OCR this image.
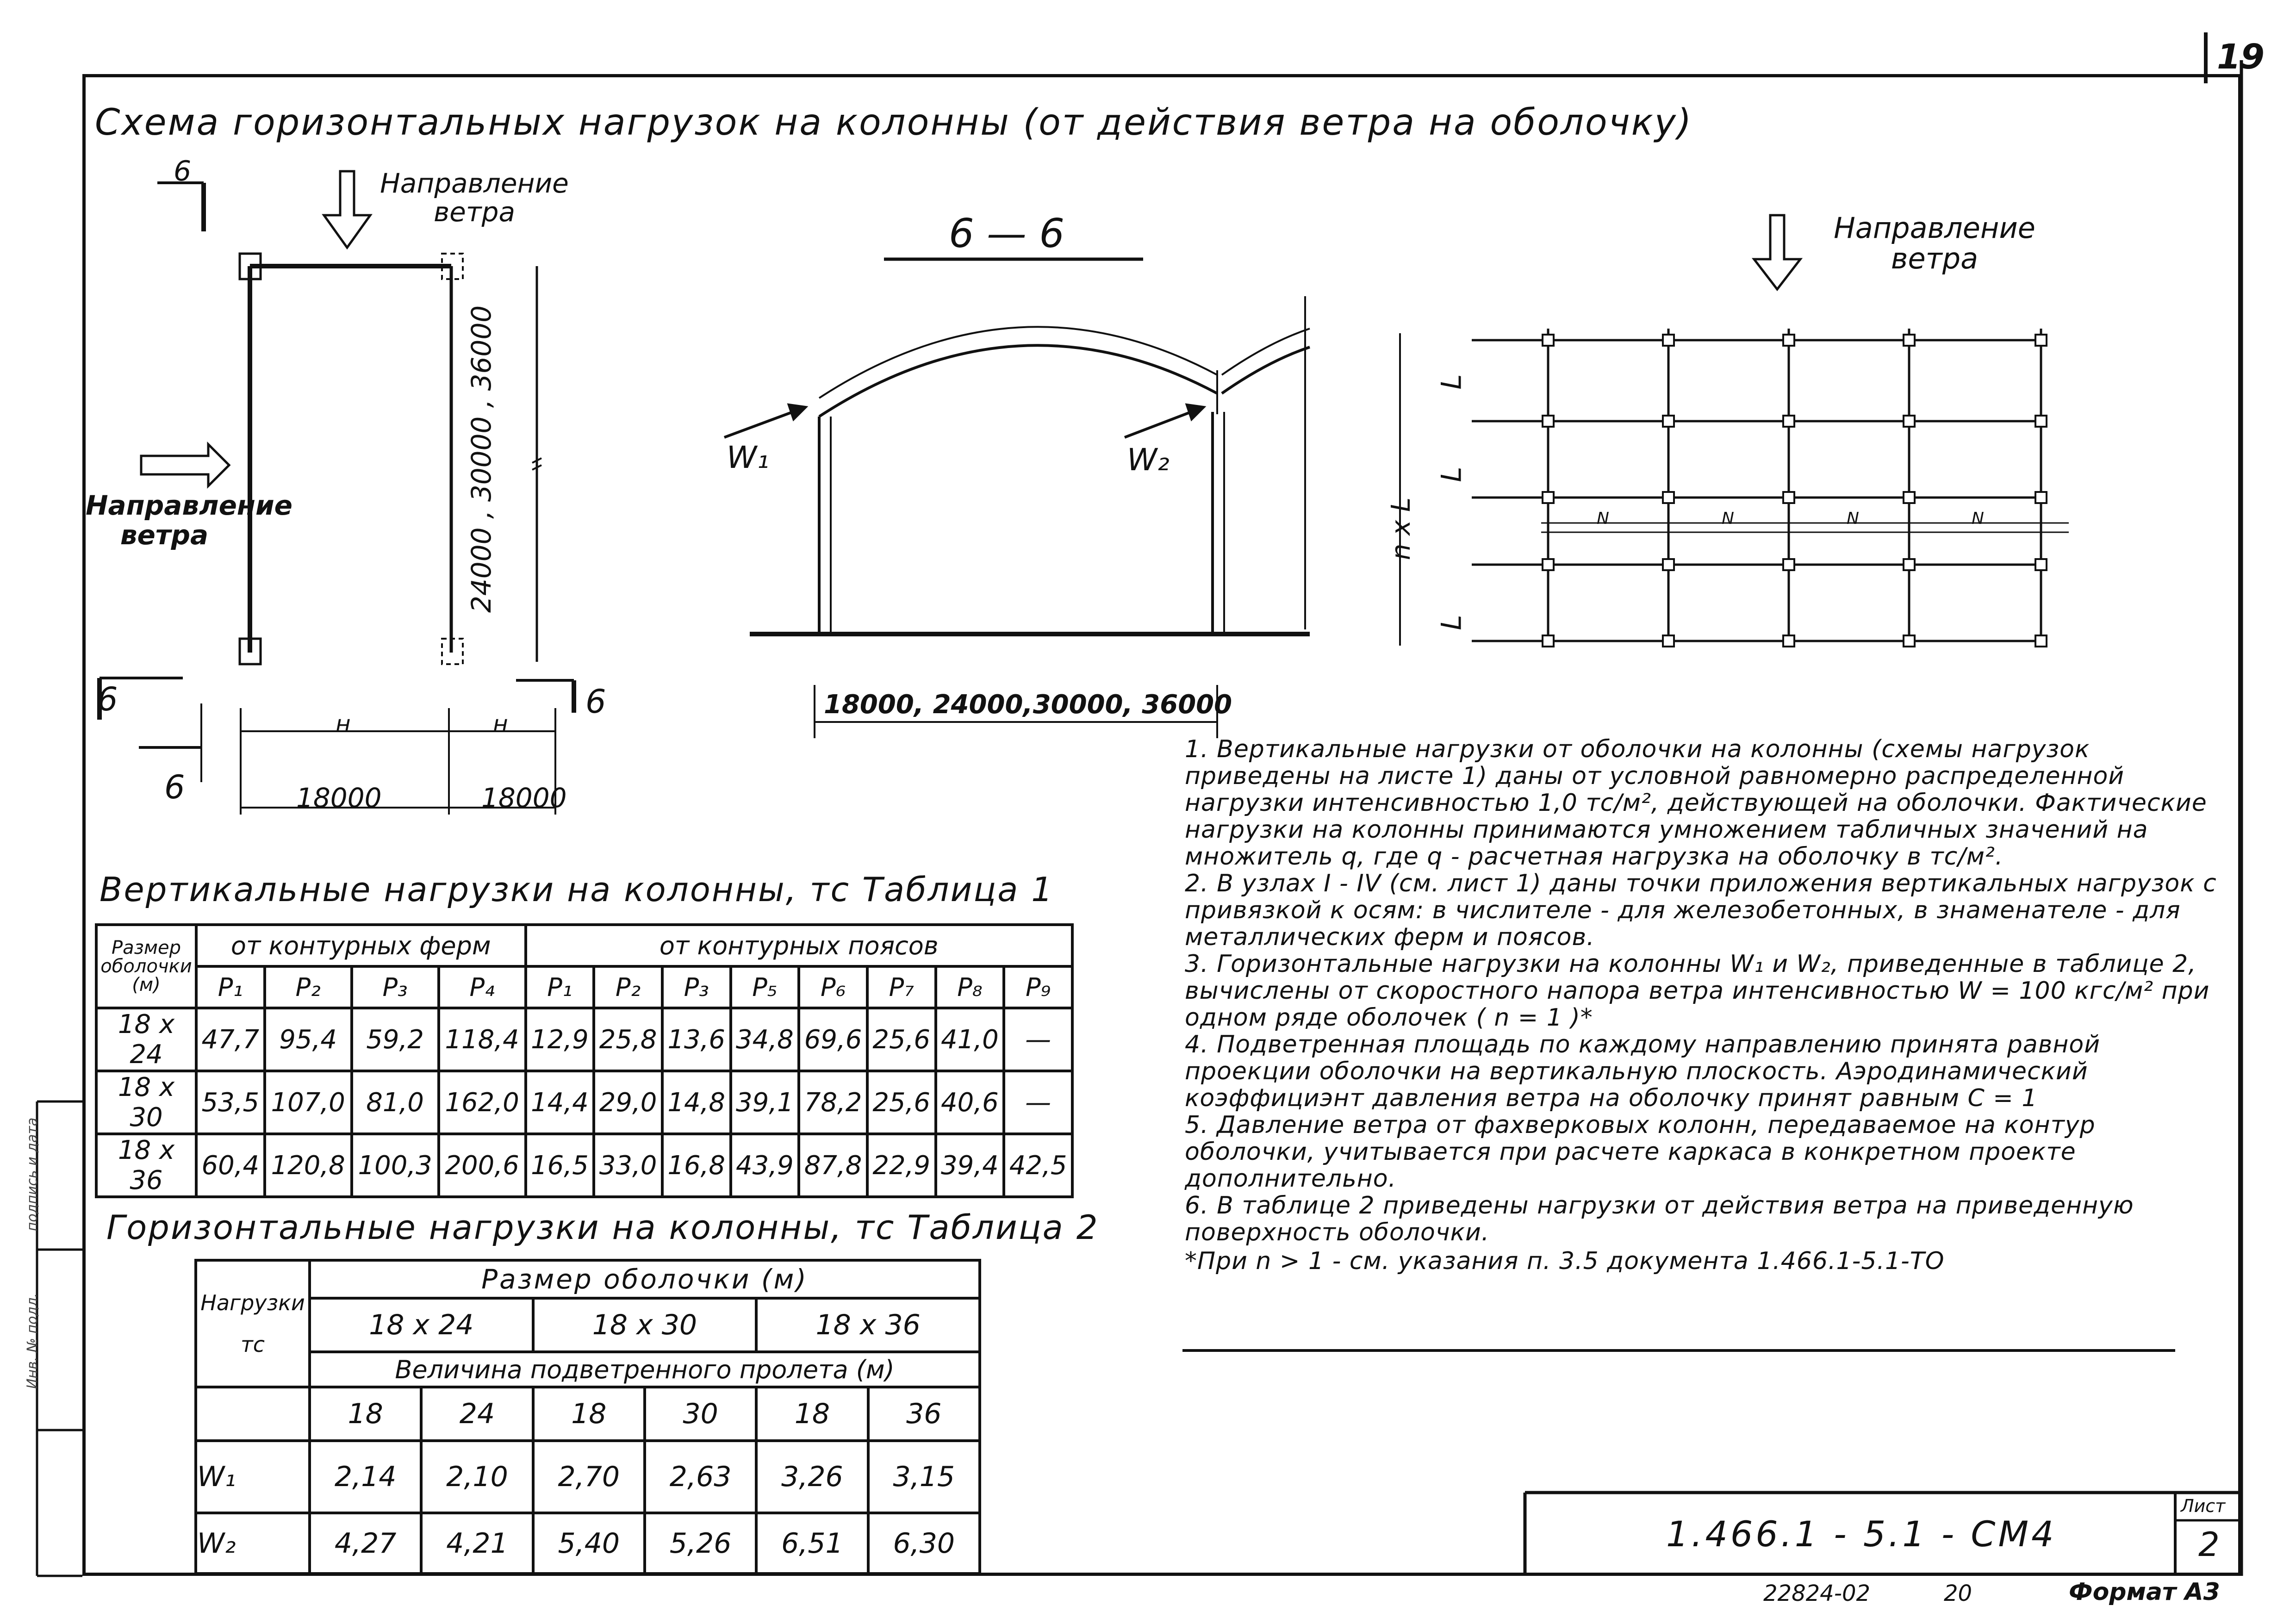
19
Схема горизонтальных нагрузок на колонны (от действия ветра на оболочку)
6	Направление ветра
Направление ветра	24000 , 30000 , 36000
6
6
6
18000	18000
н	н
6 — 6
W₁	W₂
18000, 24000,30000, 36000
Направление ветра
L
L
L
n x L	N	N	N	N
Вертикальные нагрузки на колонны, тс Таблица 1
Размер оболочки (м)	от контурных ферм				от контурных поясов							
	P₁	P₂	P₃	P₄	P₁	P₂	P₃	P₅	P₆	P₇	P₈	P₉
18 x 24	47,7	95,4	59,2	118,4	12,9	25,8	13,6	34,8	69,6	25,6	41,0	—
18 x 30	53,5	107,0	81,0	162,0	14,4	29,0	14,8	39,1	78,2	25,6	40,6	—
18 x 36	60,4	120,8	100,3	200,6	16,5	33,0	16,8	43,9	87,8	22,9	39,4	42,5
Горизонтальные нагрузки на колонны, тс Таблица 2
Нагрузки
тс	Размер оболочки (м)					
	18 x 24		18 x 30		18 x 36	
	Величина подветренного пролета (м)					
	18	24	18	30	18	36
W₁	2,14	2,10	2,70	2,63	3,26	3,15
W₂	4,27	4,21	5,40	5,26	6,51	6,30

1. Вертикальные нагрузки от оболочки на колонны (схемы нагрузок приведены на листе 1) даны от условной равномерно распределенной нагрузки интенсивностью 1,0 тс/м², действующей на оболочки. Фактические нагрузки на колонны принимаются умножением табличных значений на множитель q, где q - расчетная нагрузка на оболочку в тс/м².

2. В узлах I - IV (см. лист 1) даны точки приложения вертикальных нагрузок с привязкой к осям: в числителе - для железобетонных, в знаменателе - для металлических ферм и поясов.

3. Горизонтальные нагрузки на колонны W₁ и W₂, приведенные в таблице 2, вычислены от скоростного напора ветра интенсивностью W = 100 кгс/м² при одном ряде оболочек ( n = 1 )*

4. Подветренная площадь по каждому направлению принята равной проекции оболочки на вертикальную плоскость. Аэродинамический коэффициэнт давления ветра на оболочку принят равным С = 1

5. Давление ветра от фахверковых колонн, передаваемое на контур оболочки, учитывается при расчете каркаса в конкретном проекте дополнительно.

6. В таблице 2 приведены нагрузки от действия ветра на приведенную поверхность оболочки.

*При n > 1 - см. указания п. 3.5 документа 1.466.1-5.1-ТО

1.466.1 - 5.1 - СМ4
Лист
2
22824-02	20	Формат А3
подпись и дата
Инв. № подл.
